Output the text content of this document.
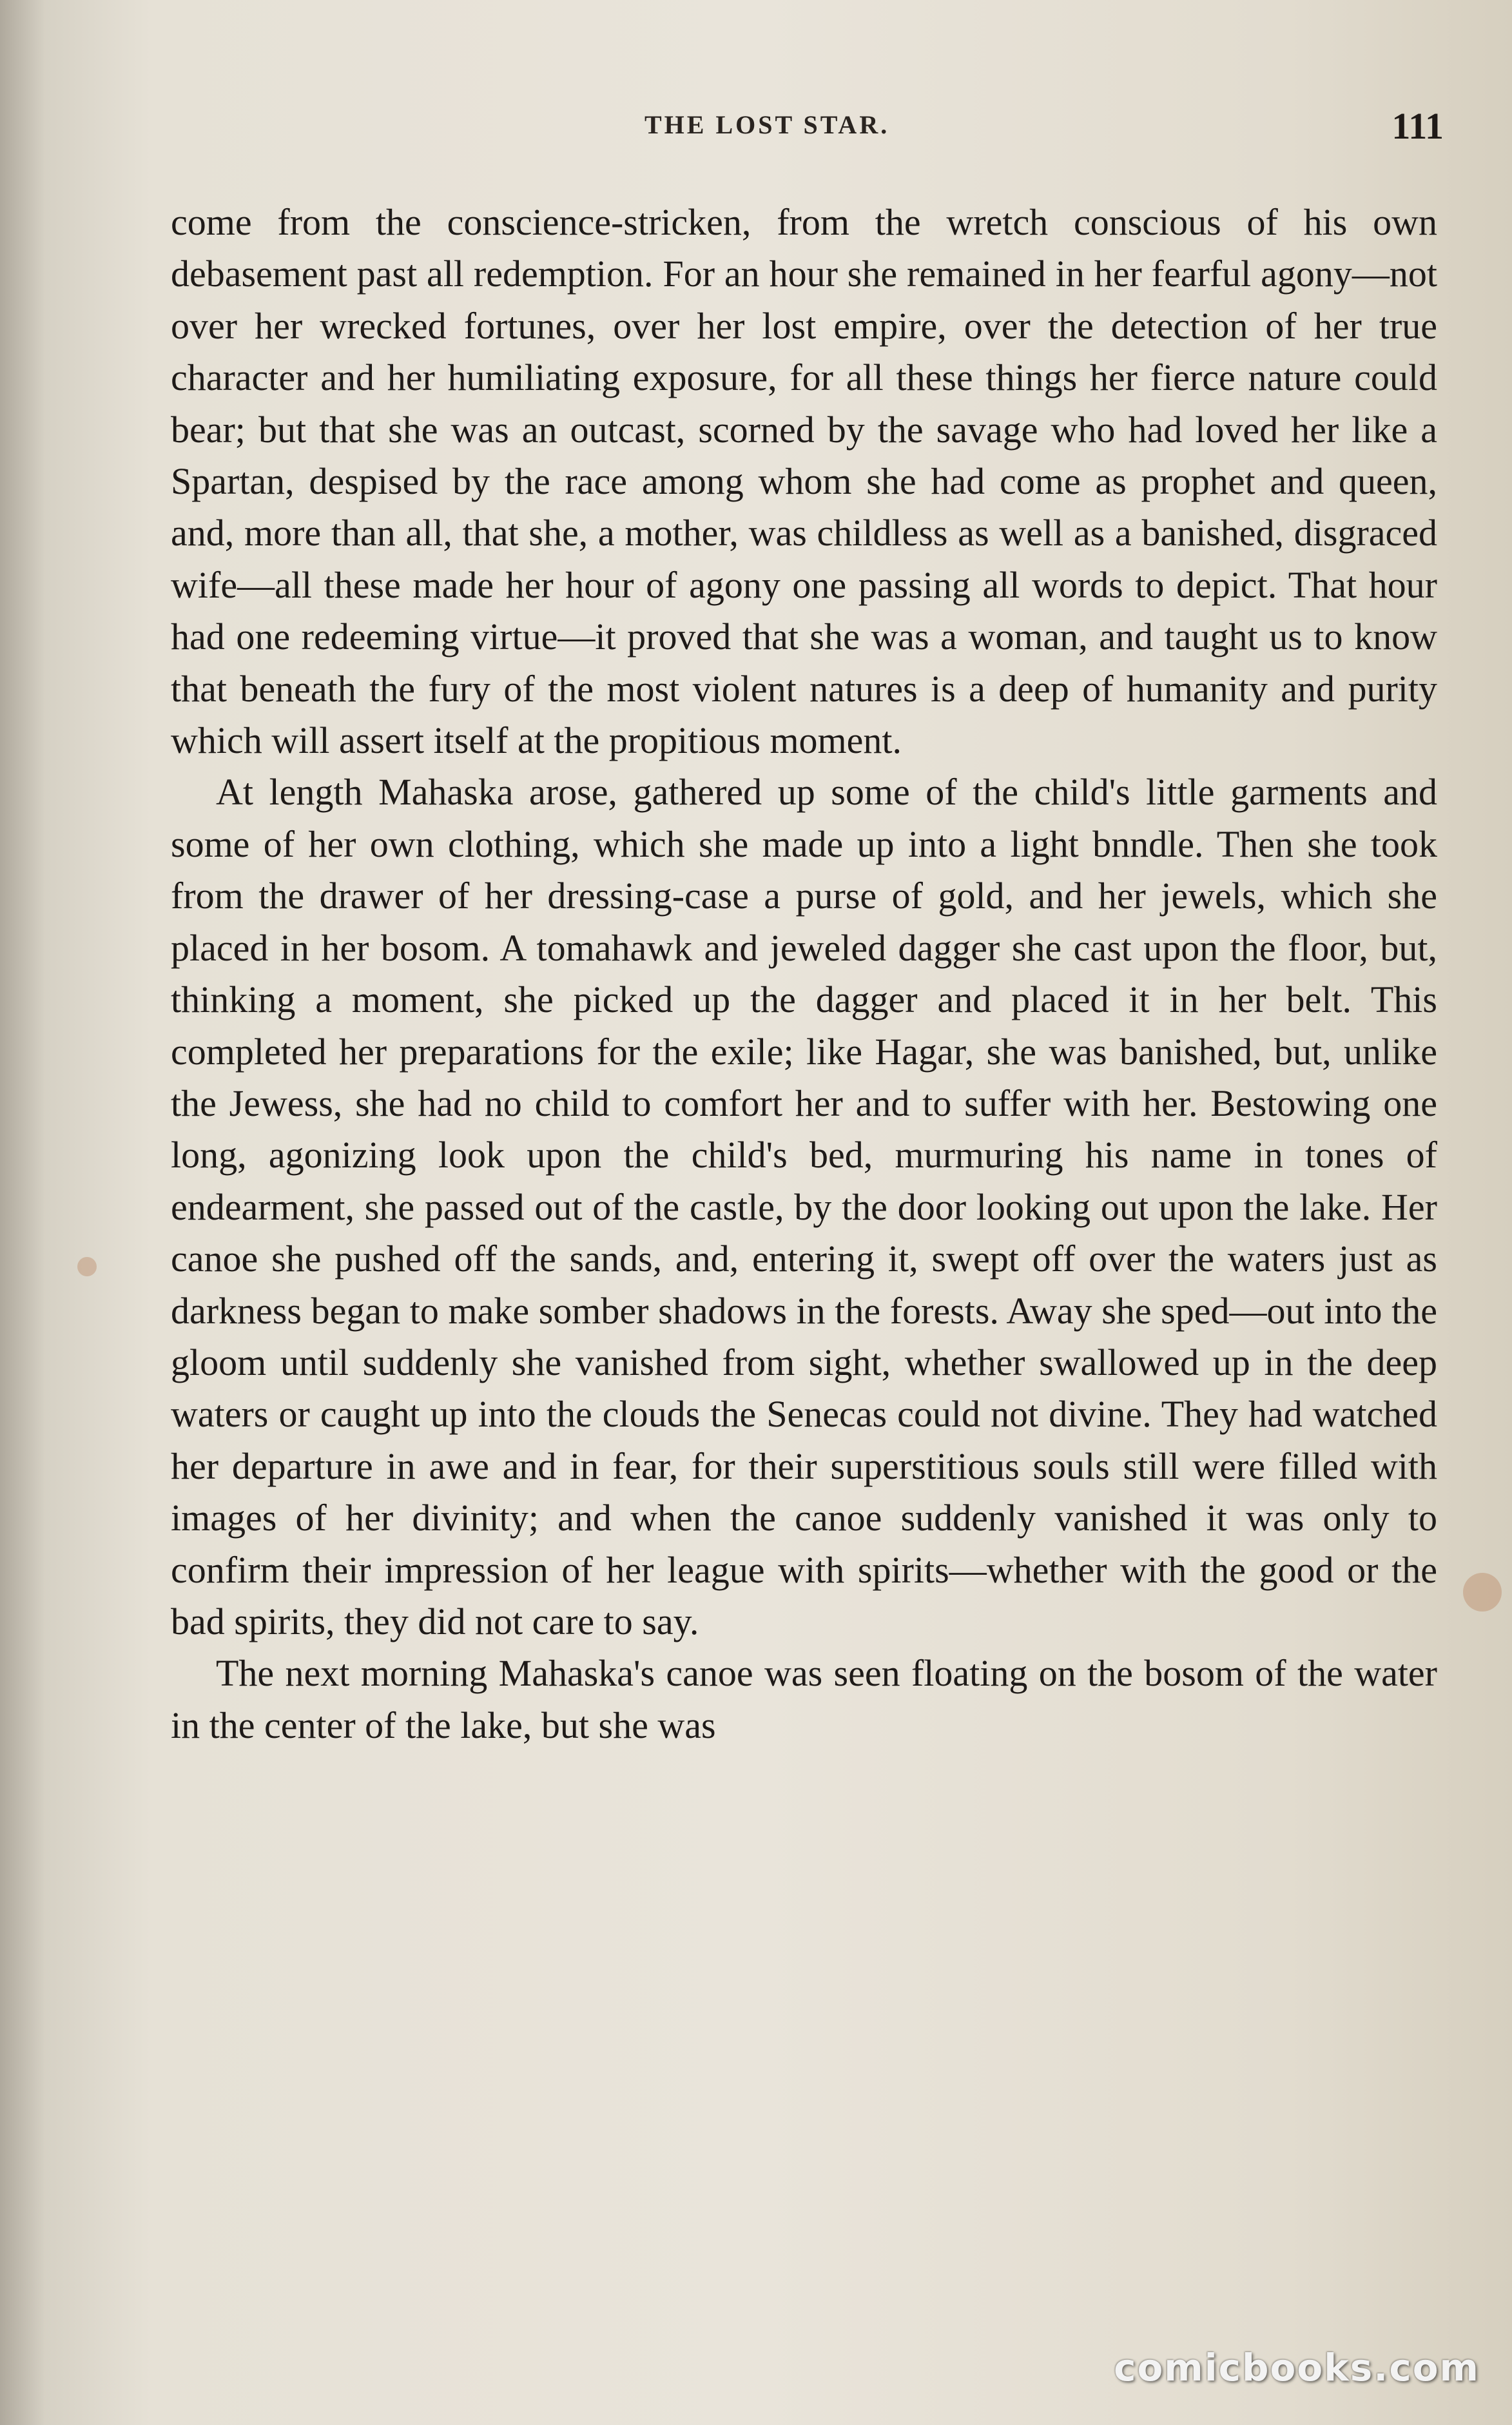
THE LOST STAR.	111

come from the conscience-stricken, from the wretch conscious of his own debasement past all redemption. For an hour she remained in her fearful agony—not over her wrecked fortunes, over her lost empire, over the detection of her true character and her humiliating exposure, for all these things her fierce nature could bear; but that she was an outcast, scorned by the savage who had loved her like a Spartan, despised by the race among whom she had come as prophet and queen, and, more than all, that she, a mother, was childless as well as a banished, disgraced wife—all these made her hour of agony one passing all words to depict. That hour had one redeeming virtue—it proved that she was a woman, and taught us to know that beneath the fury of the most violent natures is a deep of humanity and purity which will assert itself at the propitious moment.

At length Mahaska arose, gathered up some of the child's little garments and some of her own clothing, which she made up into a light bnndle. Then she took from the drawer of her dressing-case a purse of gold, and her jewels, which she placed in her bosom. A tomahawk and jeweled dagger she cast upon the floor, but, thinking a moment, she picked up the dagger and placed it in her belt. This completed her preparations for the exile; like Hagar, she was banished, but, unlike the Jewess, she had no child to comfort her and to suffer with her. Bestowing one long, agonizing look upon the child's bed, murmuring his name in tones of endearment, she passed out of the castle, by the door looking out upon the lake. Her canoe she pushed off the sands, and, entering it, swept off over the waters just as darkness began to make somber shadows in the forests. Away she sped—out into the gloom until suddenly she vanished from sight, whether swallowed up in the deep waters or caught up into the clouds the Senecas could not divine. They had watched her departure in awe and in fear, for their superstitious souls still were filled with images of her divinity; and when the canoe suddenly vanished it was only to confirm their impression of her league with spirits—whether with the good or the bad spirits, they did not care to say.

The next morning Mahaska's canoe was seen floating on the bosom of the water in the center of the lake, but she was

comicbooks.com
